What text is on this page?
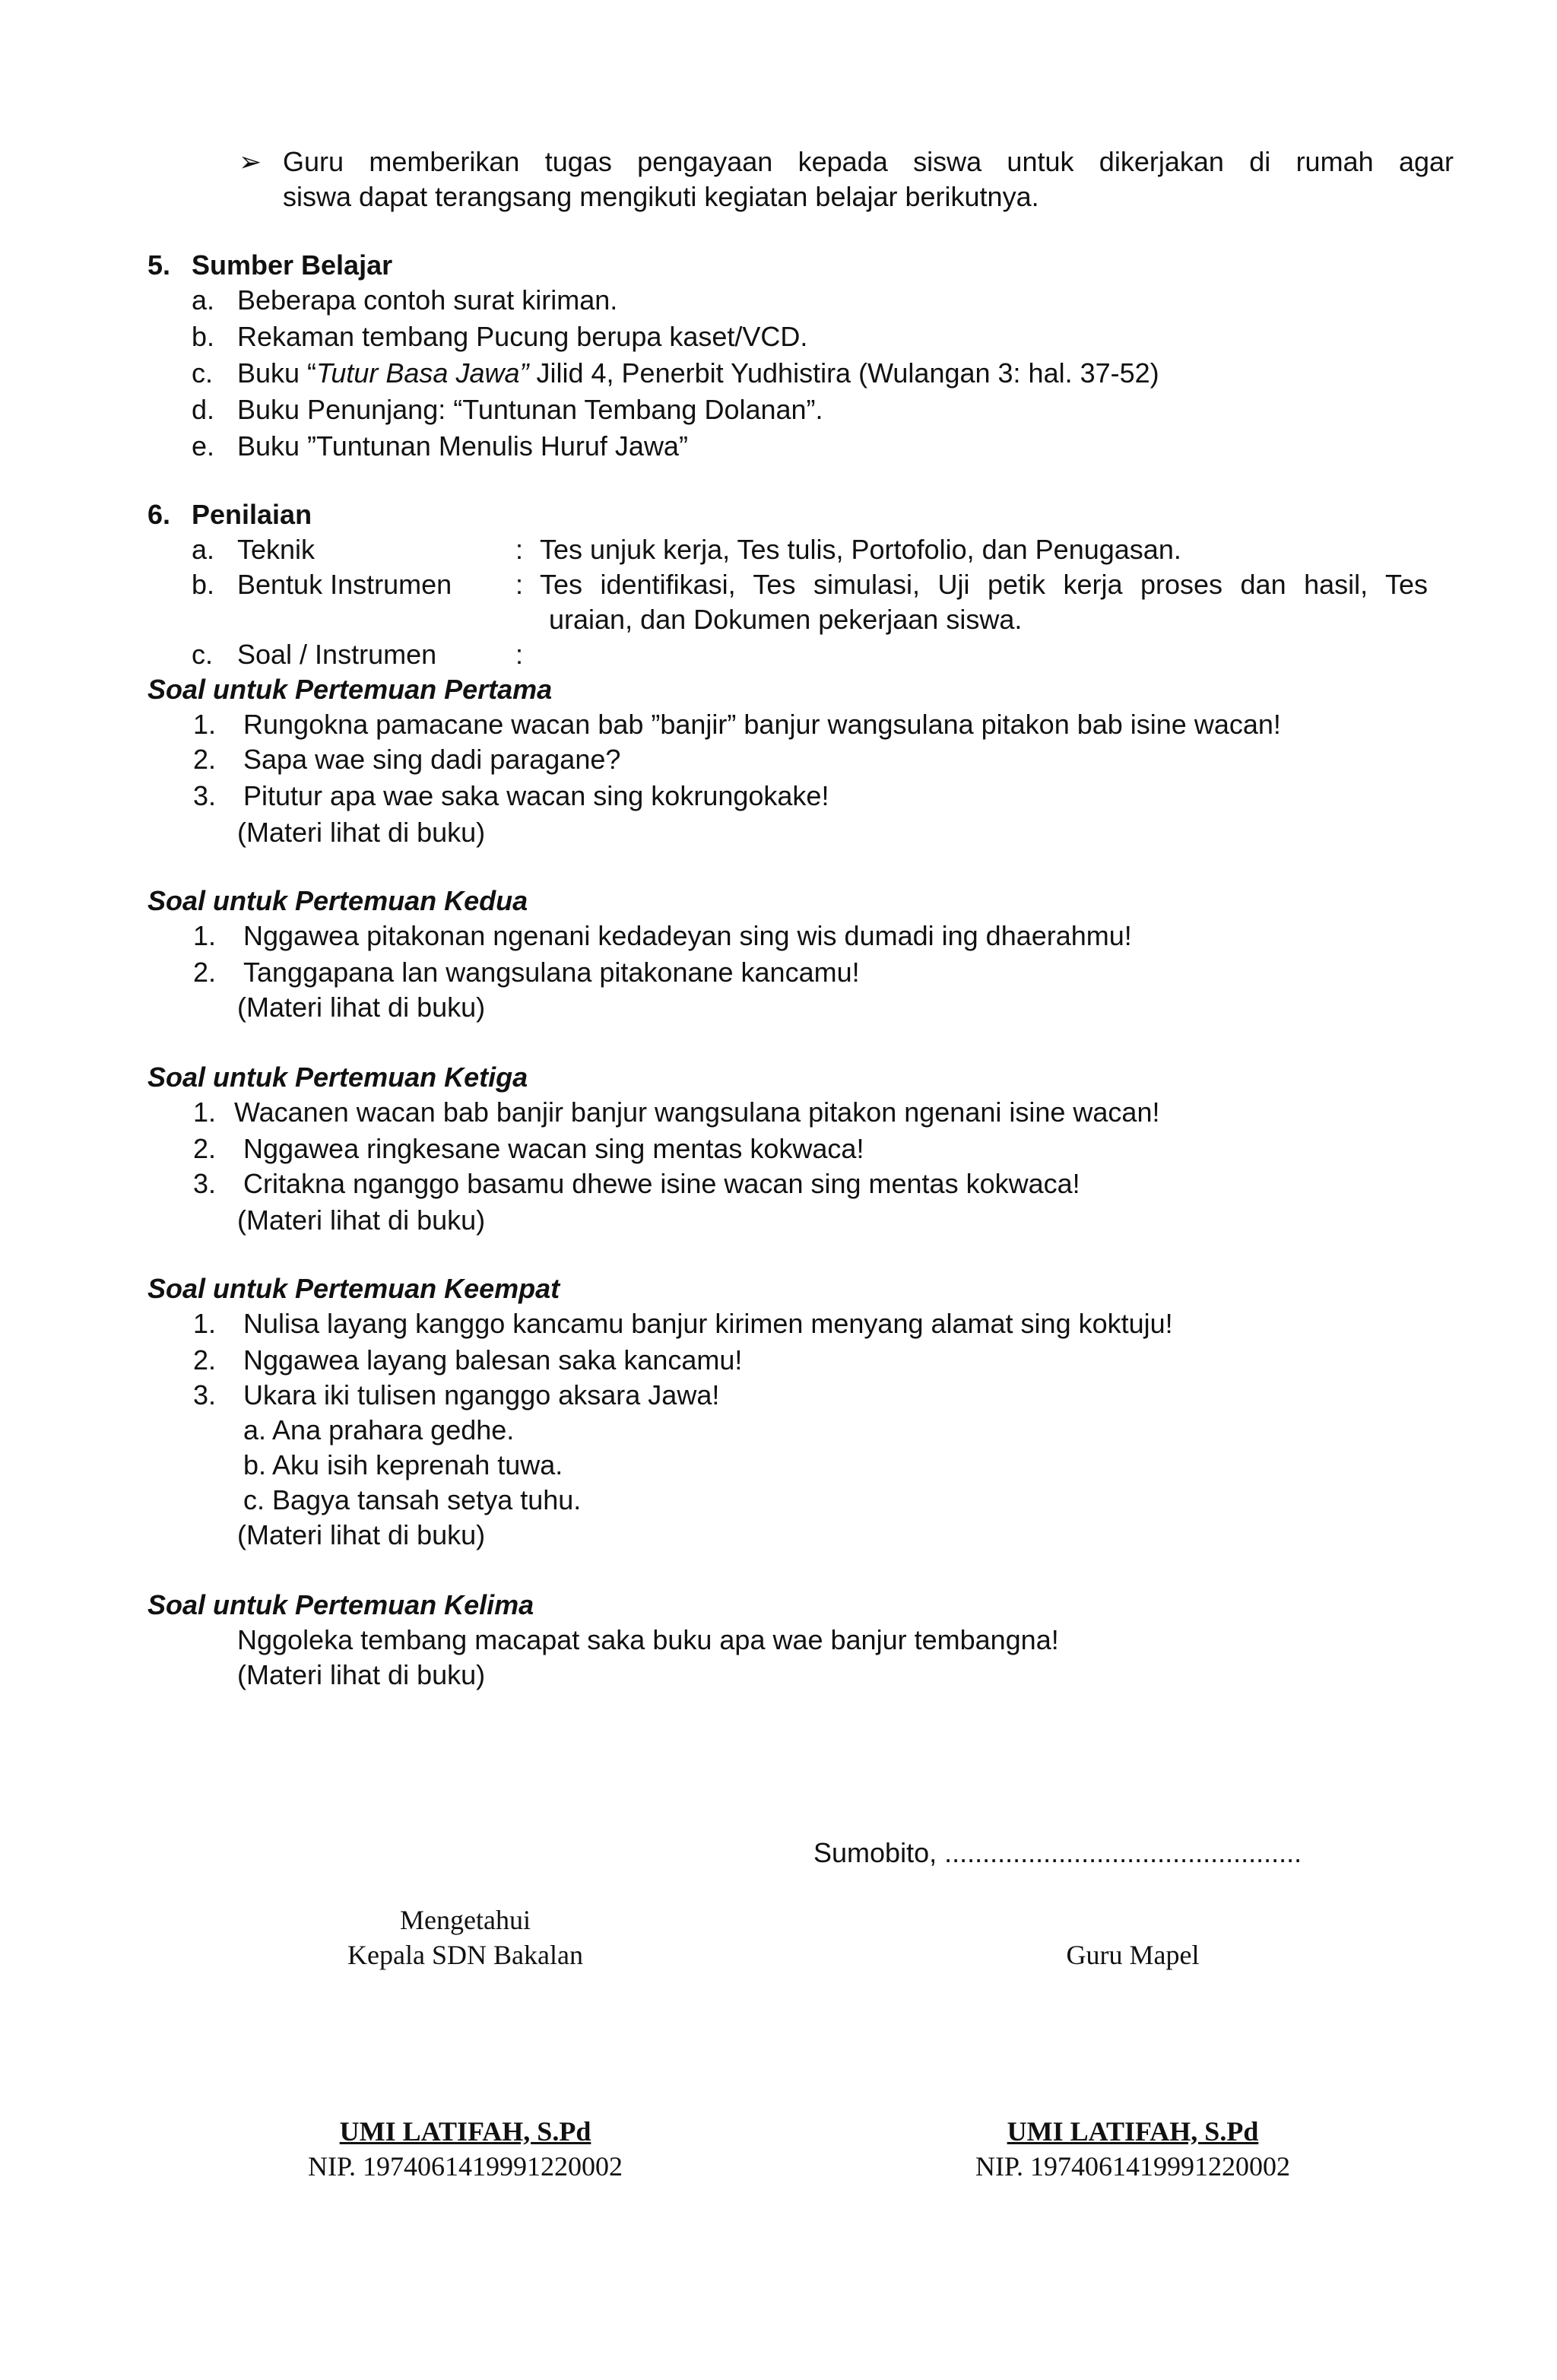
➢ Guru memberikan tugas pengayaan kepada siswa untuk dikerjakan di rumah agar
siswa dapat terangsang mengikuti kegiatan belajar berikutnya.
5. Sumber Belajar
a. Beberapa contoh surat kiriman.
b. Rekaman tembang Pucung berupa kaset/VCD.
c. Buku “Tutur Basa Jawa” Jilid 4, Penerbit Yudhistira (Wulangan 3: hal. 37-52)
d. Buku Penunjang: “Tuntunan Tembang Dolanan”.
e. Buku ”Tuntunan Menulis Huruf Jawa”
6. Penilaian
a. Teknik	: Tes unjuk kerja, Tes tulis, Portofolio, dan Penugasan.
b. Bentuk Instrumen : Tes identifikasi, Tes simulasi, Uji petik kerja proses dan hasil, Tes
uraian, dan Dokumen pekerjaan siswa.
c. Soal / Instrumen	:
Soal untuk Pertemuan Pertama
1. Rungokna pamacane wacan bab ”banjir” banjur wangsulana pitakon bab isine wacan!
2. Sapa wae sing dadi paragane?
3. Pitutur apa wae saka wacan sing kokrungokake!
(Materi lihat di buku)
Soal untuk Pertemuan Kedua
1. Nggawea pitakonan ngenani kedadeyan sing wis dumadi ing dhaerahmu!
2. Tanggapana lan wangsulana pitakonane kancamu!
(Materi lihat di buku)
Soal untuk Pertemuan Ketiga
1. Wacanen wacan bab banjir banjur wangsulana pitakon ngenani isine wacan!
2. Nggawea ringkesane wacan sing mentas kokwaca!
3. Critakna nganggo basamu dhewe isine wacan sing mentas kokwaca!
(Materi lihat di buku)
Soal untuk Pertemuan Keempat
1. Nulisa layang kanggo kancamu banjur kirimen menyang alamat sing koktuju!
2. Nggawea layang balesan saka kancamu!
3. Ukara iki tulisen nganggo aksara Jawa!
a. Ana prahara gedhe.
b. Aku isih keprenah tuwa.
c. Bagya tansah setya tuhu.
(Materi lihat di buku)
Soal untuk Pertemuan Kelima
Nggoleka tembang macapat saka buku apa wae banjur tembangna!
(Materi lihat di buku)
Sumobito, ...............................................
Mengetahui
Kepala SDN Bakalan	Guru Mapel
UMI LATIFAH, S.Pd
NIP. 1974061419991220002
UMI LATIFAH, S.Pd
NIP. 1974061419991220002
